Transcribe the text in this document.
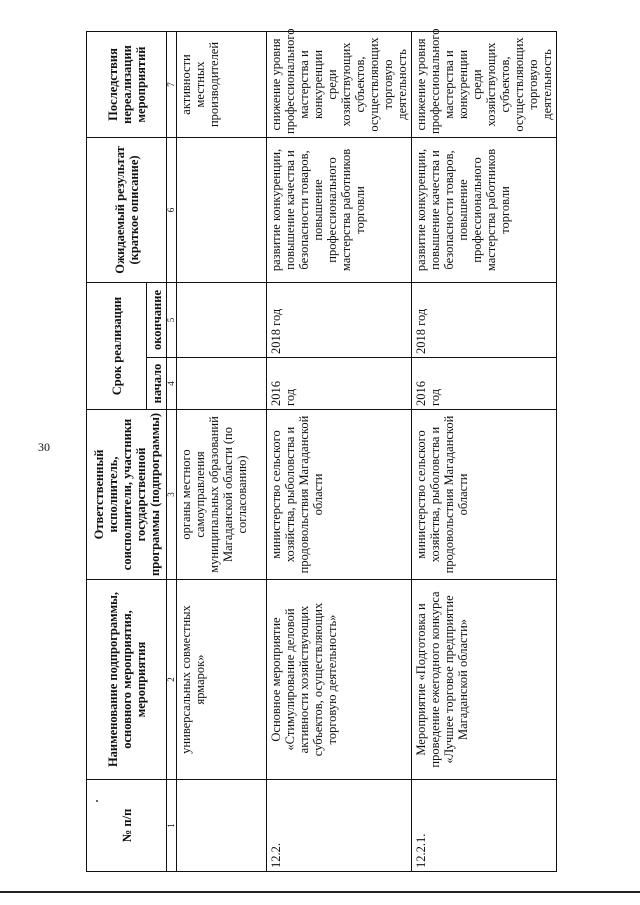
30
№ п/п	Наименование подпрограммы, основного мероприятия, мероприятия	Ответственный исполнитель, соисполнители, участники государственной программы (подпрограммы)	Срок реализации		Ожидаемый результат (краткое описание)	Последствия нереализации мероприятий
			начало	окончание		
1	2	3	4	5	6	7
	универсальных совместных ярмарок»	органы местного самоуправления муниципальных образований Магаданской области (по согласованию)				активности местных производителей
12.2.	Основное мероприятие «Стимулирование деловой активности хозяйствующих субъектов, осуществляющих торговую деятельность»	министерство сельского хозяйства, рыболовства и продовольствия Магаданской области	2016 год	2018 год	развитие конкуренции, повышение качества и безопасности товаров, повышение профессионального мастерства работников торговли	снижение уровня профессионального мастерства и конкуренции среди хозяйствующих субъектов, осуществляющих торговую деятельность
12.2.1.	Мероприятие «Подготовка и проведение ежегодного конкурса «Лучшее торговое предприятие Магаданской области»	министерство сельского хозяйства, рыболовства и продовольствия Магаданской области	2016 год	2018 год	развитие конкуренции, повышение качества и безопасности товаров, повышение профессионального мастерства работников торговли	снижение уровня профессионального мастерства и конкуренции среди хозяйствующих субъектов, осуществляющих торговую деятельность
